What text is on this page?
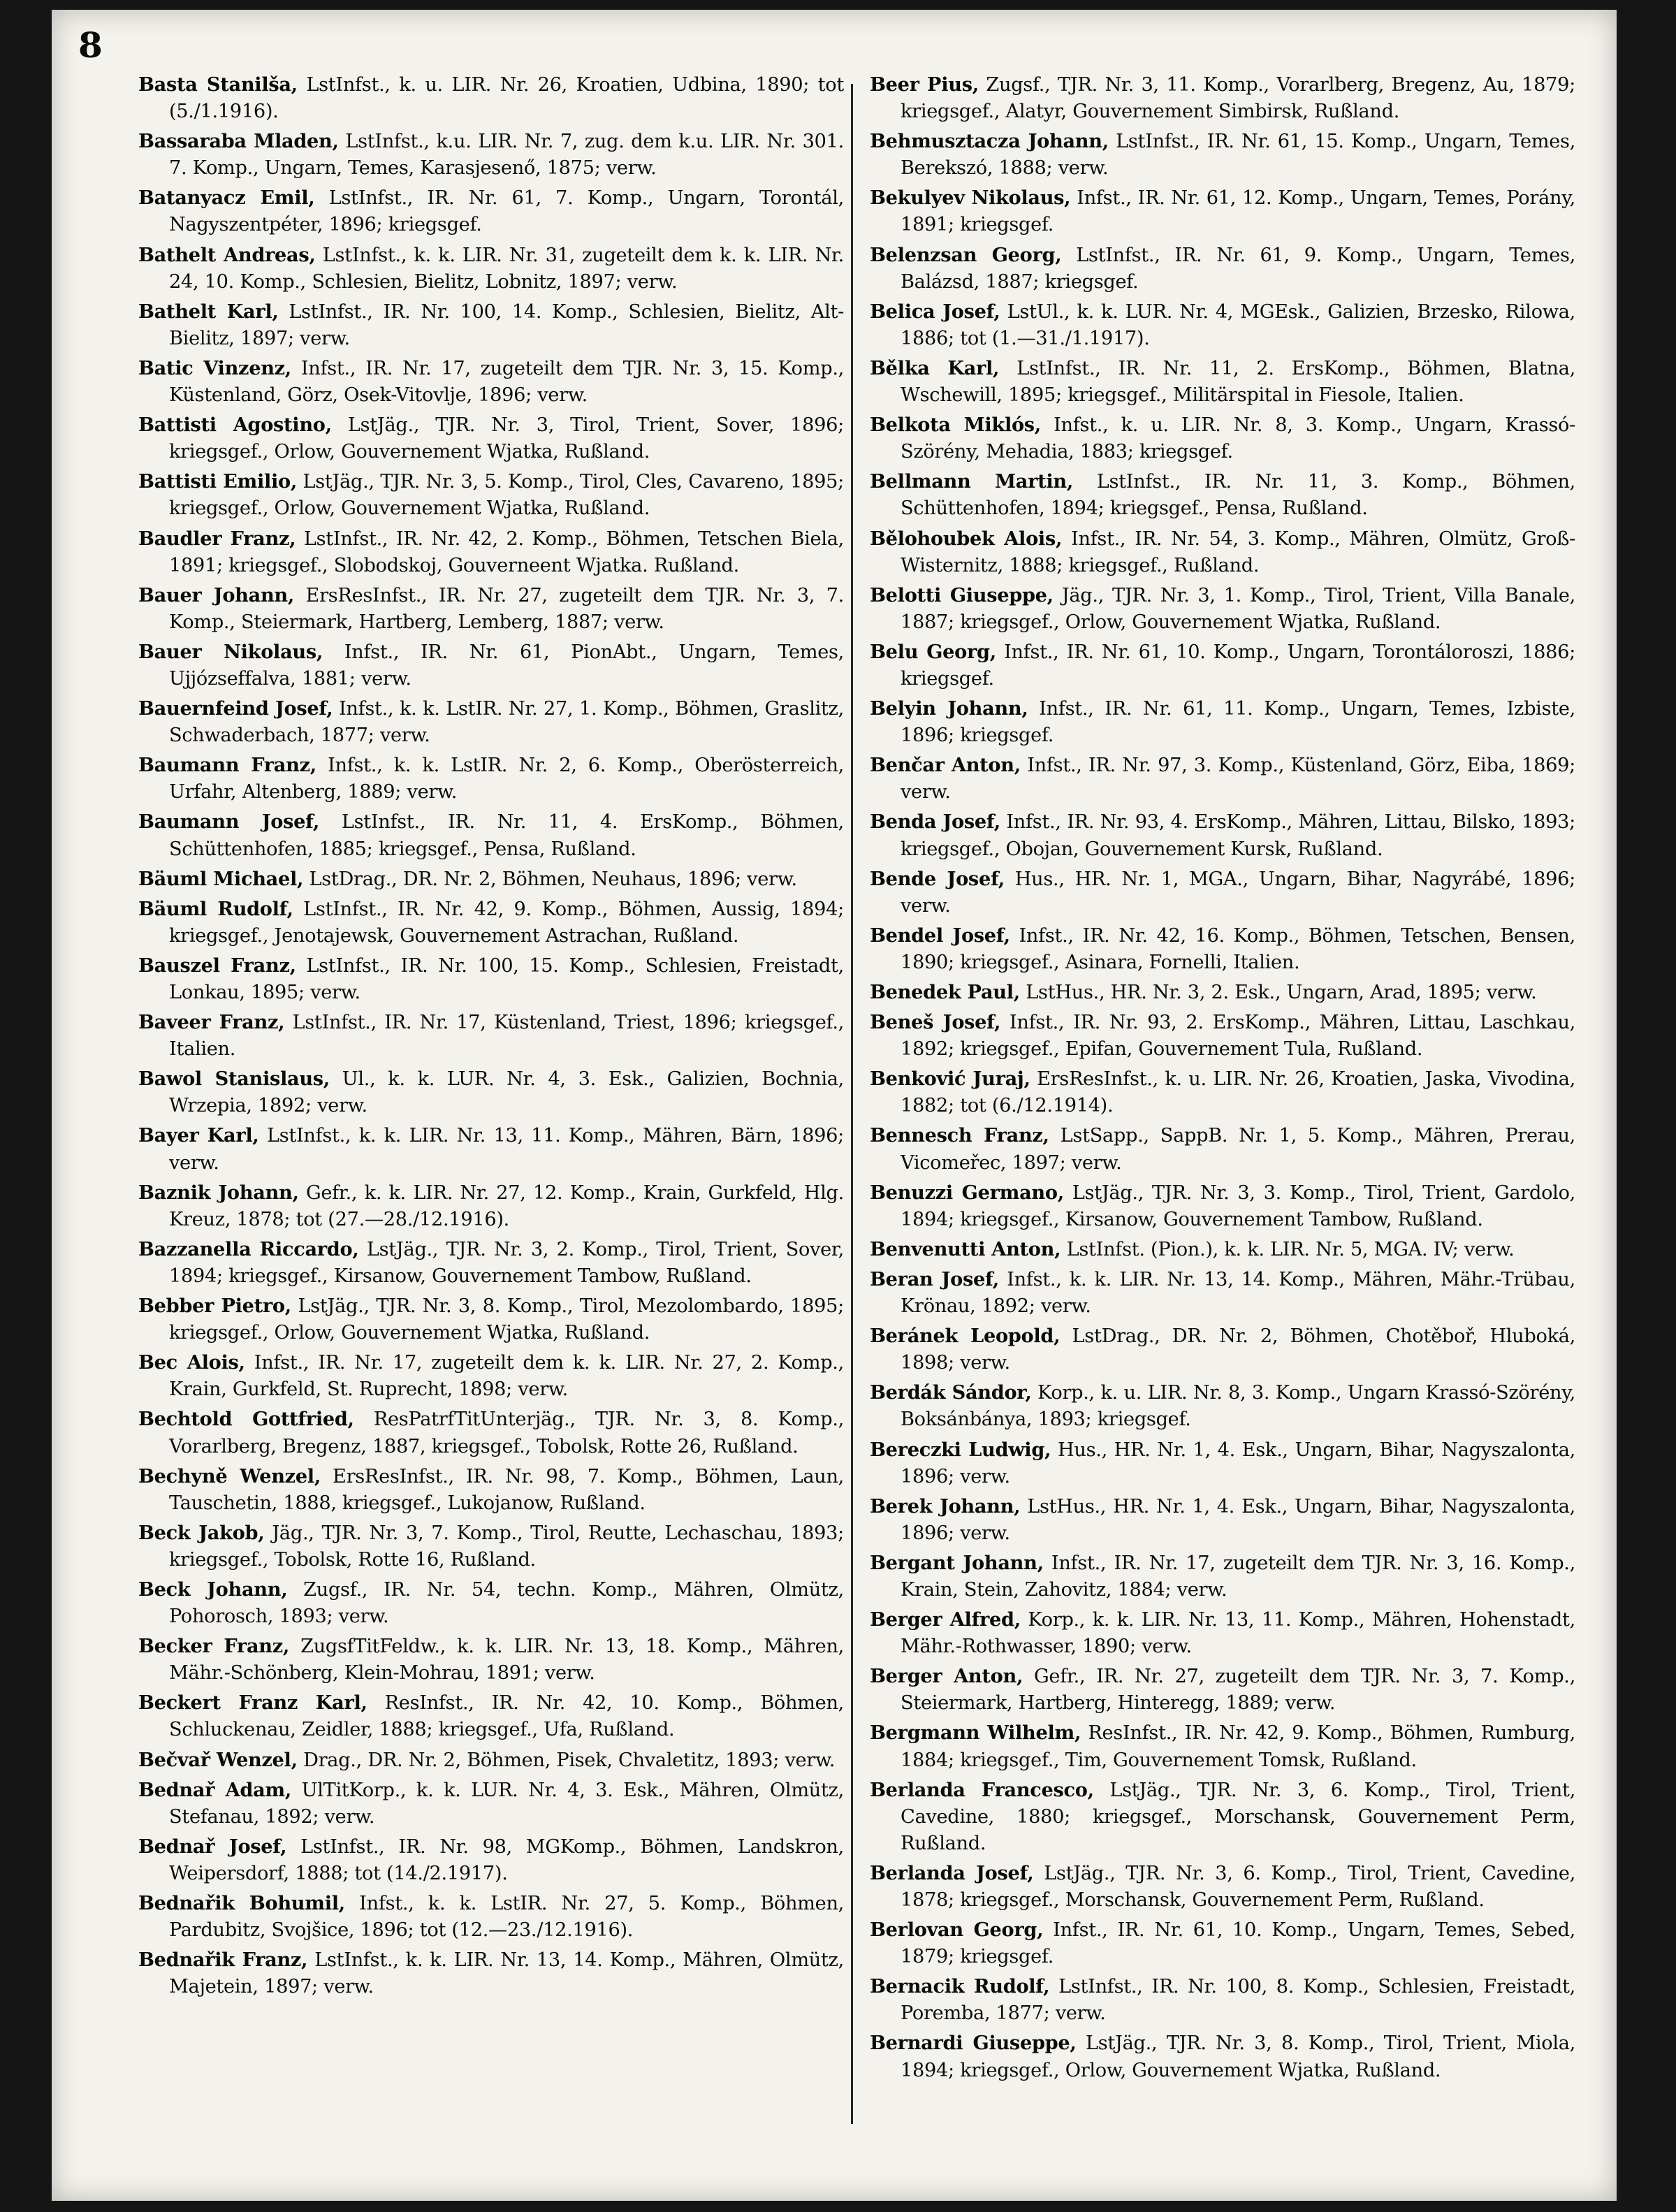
8

Basta Stanilša, LstInfst., k. u. LIR. Nr. 26, Kroatien, Udbina, 1890; tot (5./1.1916).

Bassaraba Mladen, LstInfst., k.u. LIR. Nr. 7, zug. dem k.u. LIR. Nr. 301. 7. Komp., Ungarn, Temes, Karasjesenő, 1875; verw.

Batanyacz Emil, LstInfst., IR. Nr. 61, 7. Komp., Ungarn, Torontál, Nagyszentpéter, 1896; kriegsgef.

Bathelt Andreas, LstInfst., k. k. LIR. Nr. 31, zugeteilt dem k. k. LIR. Nr. 24, 10. Komp., Schlesien, Bielitz, Lobnitz, 1897; verw.

Bathelt Karl, LstInfst., IR. Nr. 100, 14. Komp., Schlesien, Bielitz, Alt-Bielitz, 1897; verw.

Batic Vinzenz, Infst., IR. Nr. 17, zugeteilt dem TJR. Nr. 3, 15. Komp., Küstenland, Görz, Osek-Vitovlje, 1896; verw.

Battisti Agostino, LstJäg., TJR. Nr. 3, Tirol, Trient, Sover, 1896; kriegsgef., Orlow, Gouvernement Wjatka, Rußland.

Battisti Emilio, LstJäg., TJR. Nr. 3, 5. Komp., Tirol, Cles, Cavareno, 1895; kriegsgef., Orlow, Gouvernement Wjatka, Rußland.

Baudler Franz, LstInfst., IR. Nr. 42, 2. Komp., Böhmen, Tetschen Biela, 1891; kriegsgef., Slobodskoj, Gouverneent Wjatka. Rußland.

Bauer Johann, ErsResInfst., IR. Nr. 27, zugeteilt dem TJR. Nr. 3, 7. Komp., Steiermark, Hartberg, Lemberg, 1887; verw.

Bauer Nikolaus, Infst., IR. Nr. 61, PionAbt., Ungarn, Temes, Ujjózseffalva, 1881; verw.

Bauernfeind Josef, Infst., k. k. LstIR. Nr. 27, 1. Komp., Böhmen, Graslitz, Schwaderbach, 1877; verw.

Baumann Franz, Infst., k. k. LstIR. Nr. 2, 6. Komp., Oberösterreich, Urfahr, Altenberg, 1889; verw.

Baumann Josef, LstInfst., IR. Nr. 11, 4. ErsKomp., Böhmen, Schüttenhofen, 1885; kriegsgef., Pensa, Rußland.

Bäuml Michael, LstDrag., DR. Nr. 2, Böhmen, Neuhaus, 1896; verw.

Bäuml Rudolf, LstInfst., IR. Nr. 42, 9. Komp., Böhmen, Aussig, 1894; kriegsgef., Jenotajewsk, Gouvernement Astrachan, Rußland.

Bauszel Franz, LstInfst., IR. Nr. 100, 15. Komp., Schlesien, Freistadt, Lonkau, 1895; verw.

Baveer Franz, LstInfst., IR. Nr. 17, Küstenland, Triest, 1896; kriegsgef., Italien.

Bawol Stanislaus, Ul., k. k. LUR. Nr. 4, 3. Esk., Galizien, Bochnia, Wrzepia, 1892; verw.

Bayer Karl, LstInfst., k. k. LIR. Nr. 13, 11. Komp., Mähren, Bärn, 1896; verw.

Baznik Johann, Gefr., k. k. LIR. Nr. 27, 12. Komp., Krain, Gurkfeld, Hlg. Kreuz, 1878; tot (27.—28./12.1916).

Bazzanella Riccardo, LstJäg., TJR. Nr. 3, 2. Komp., Tirol, Trient, Sover, 1894; kriegsgef., Kirsanow, Gouvernement Tambow, Rußland.

Bebber Pietro, LstJäg., TJR. Nr. 3, 8. Komp., Tirol, Mezolombardo, 1895; kriegsgef., Orlow, Gouvernement Wjatka, Rußland.

Bec Alois, Infst., IR. Nr. 17, zugeteilt dem k. k. LIR. Nr. 27, 2. Komp., Krain, Gurkfeld, St. Ruprecht, 1898; verw.

Bechtold Gottfried, ResPatrfTitUnterjäg., TJR. Nr. 3, 8. Komp., Vorarlberg, Bregenz, 1887, kriegsgef., Tobolsk, Rotte 26, Rußland.

Bechyně Wenzel, ErsResInfst., IR. Nr. 98, 7. Komp., Böhmen, Laun, Tauschetin, 1888, kriegsgef., Lukojanow, Rußland.

Beck Jakob, Jäg., TJR. Nr. 3, 7. Komp., Tirol, Reutte, Lechaschau, 1893; kriegsgef., Tobolsk, Rotte 16, Rußland.

Beck Johann, Zugsf., IR. Nr. 54, techn. Komp., Mähren, Olmütz, Pohorosch, 1893; verw.

Becker Franz, ZugsfTitFeldw., k. k. LIR. Nr. 13, 18. Komp., Mähren, Mähr.-Schönberg, Klein-Mohrau, 1891; verw.

Beckert Franz Karl, ResInfst., IR. Nr. 42, 10. Komp., Böhmen, Schluckenau, Zeidler, 1888; kriegsgef., Ufa, Rußland.

Bečvař Wenzel, Drag., DR. Nr. 2, Böhmen, Pisek, Chvaletitz, 1893; verw.

Bednař Adam, UlTitKorp., k. k. LUR. Nr. 4, 3. Esk., Mähren, Olmütz, Stefanau, 1892; verw.

Bednař Josef, LstInfst., IR. Nr. 98, MGKomp., Böhmen, Landskron, Weipersdorf, 1888; tot (14./2.1917).

Bednařik Bohumil, Infst., k. k. LstIR. Nr. 27, 5. Komp., Böhmen, Pardubitz, Svojšice, 1896; tot (12.—23./12.1916).

Bednařik Franz, LstInfst., k. k. LIR. Nr. 13, 14. Komp., Mähren, Olmütz, Majetein, 1897; verw.

Beer Pius, Zugsf., TJR. Nr. 3, 11. Komp., Vorarlberg, Bregenz, Au, 1879; kriegsgef., Alatyr, Gouvernement Simbirsk, Rußland.

Behmusztacza Johann, LstInfst., IR. Nr. 61, 15. Komp., Ungarn, Temes, Berekszó, 1888; verw.

Bekulyev Nikolaus, Infst., IR. Nr. 61, 12. Komp., Ungarn, Temes, Porány, 1891; kriegsgef.

Belenzsan Georg, LstInfst., IR. Nr. 61, 9. Komp., Ungarn, Temes, Balázsd, 1887; kriegsgef.

Belica Josef, LstUl., k. k. LUR. Nr. 4, MGEsk., Galizien, Brzesko, Rilowa, 1886; tot (1.—31./1.1917).

Bělka Karl, LstInfst., IR. Nr. 11, 2. ErsKomp., Böhmen, Blatna, Wschewill, 1895; kriegsgef., Militärspital in Fiesole, Italien.

Belkota Miklós, Infst., k. u. LIR. Nr. 8, 3. Komp., Ungarn, Krassó-Szörény, Mehadia, 1883; kriegsgef.

Bellmann Martin, LstInfst., IR. Nr. 11, 3. Komp., Böhmen, Schüttenhofen, 1894; kriegsgef., Pensa, Rußland.

Bělohoubek Alois, Infst., IR. Nr. 54, 3. Komp., Mähren, Olmütz, Groß-Wisternitz, 1888; kriegsgef., Rußland.

Belotti Giuseppe, Jäg., TJR. Nr. 3, 1. Komp., Tirol, Trient, Villa Banale, 1887; kriegsgef., Orlow, Gouvernement Wjatka, Rußland.

Belu Georg, Infst., IR. Nr. 61, 10. Komp., Ungarn, Torontáloroszi, 1886; kriegsgef.

Belyin Johann, Infst., IR. Nr. 61, 11. Komp., Ungarn, Temes, Izbiste, 1896; kriegsgef.

Benčar Anton, Infst., IR. Nr. 97, 3. Komp., Küstenland, Görz, Eiba, 1869; verw.

Benda Josef, Infst., IR. Nr. 93, 4. ErsKomp., Mähren, Littau, Bilsko, 1893; kriegsgef., Obojan, Gouvernement Kursk, Rußland.

Bende Josef, Hus., HR. Nr. 1, MGA., Ungarn, Bihar, Nagyrábé, 1896; verw.

Bendel Josef, Infst., IR. Nr. 42, 16. Komp., Böhmen, Tetschen, Bensen, 1890; kriegsgef., Asinara, Fornelli, Italien.

Benedek Paul, LstHus., HR. Nr. 3, 2. Esk., Ungarn, Arad, 1895; verw.

Beneš Josef, Infst., IR. Nr. 93, 2. ErsKomp., Mähren, Littau, Laschkau, 1892; kriegsgef., Epifan, Gouvernement Tula, Rußland.

Benković Juraj, ErsResInfst., k. u. LIR. Nr. 26, Kroatien, Jaska, Vivodina, 1882; tot (6./12.1914).

Bennesch Franz, LstSapp., SappB. Nr. 1, 5. Komp., Mähren, Prerau, Vicomeřec, 1897; verw.

Benuzzi Germano, LstJäg., TJR. Nr. 3, 3. Komp., Tirol, Trient, Gardolo, 1894; kriegsgef., Kirsanow, Gouvernement Tambow, Rußland.

Benvenutti Anton, LstInfst. (Pion.), k. k. LIR. Nr. 5, MGA. IV; verw.

Beran Josef, Infst., k. k. LIR. Nr. 13, 14. Komp., Mähren, Mähr.-Trübau, Krönau, 1892; verw.

Beránek Leopold, LstDrag., DR. Nr. 2, Böhmen, Chotěboř, Hluboká, 1898; verw.

Berdák Sándor, Korp., k. u. LIR. Nr. 8, 3. Komp., Ungarn Krassó-Szörény, Boksánbánya, 1893; kriegsgef.

Bereczki Ludwig, Hus., HR. Nr. 1, 4. Esk., Ungarn, Bihar, Nagyszalonta, 1896; verw.

Berek Johann, LstHus., HR. Nr. 1, 4. Esk., Ungarn, Bihar, Nagyszalonta, 1896; verw.

Bergant Johann, Infst., IR. Nr. 17, zugeteilt dem TJR. Nr. 3, 16. Komp., Krain, Stein, Zahovitz, 1884; verw.

Berger Alfred, Korp., k. k. LIR. Nr. 13, 11. Komp., Mähren, Hohenstadt, Mähr.-Rothwasser, 1890; verw.

Berger Anton, Gefr., IR. Nr. 27, zugeteilt dem TJR. Nr. 3, 7. Komp., Steiermark, Hartberg, Hinteregg, 1889; verw.

Bergmann Wilhelm, ResInfst., IR. Nr. 42, 9. Komp., Böhmen, Rumburg, 1884; kriegsgef., Tim, Gouvernement Tomsk, Rußland.

Berlanda Francesco, LstJäg., TJR. Nr. 3, 6. Komp., Tirol, Trient, Cavedine, 1880; kriegsgef., Morschansk, Gouvernement Perm, Rußland.

Berlanda Josef, LstJäg., TJR. Nr. 3, 6. Komp., Tirol, Trient, Cavedine, 1878; kriegsgef., Morschansk, Gouvernement Perm, Rußland.

Berlovan Georg, Infst., IR. Nr. 61, 10. Komp., Ungarn, Temes, Sebed, 1879; kriegsgef.

Bernacik Rudolf, LstInfst., IR. Nr. 100, 8. Komp., Schlesien, Freistadt, Poremba, 1877; verw.

Bernardi Giuseppe, LstJäg., TJR. Nr. 3, 8. Komp., Tirol, Trient, Miola, 1894; kriegsgef., Orlow, Gouvernement Wjatka, Rußland.
